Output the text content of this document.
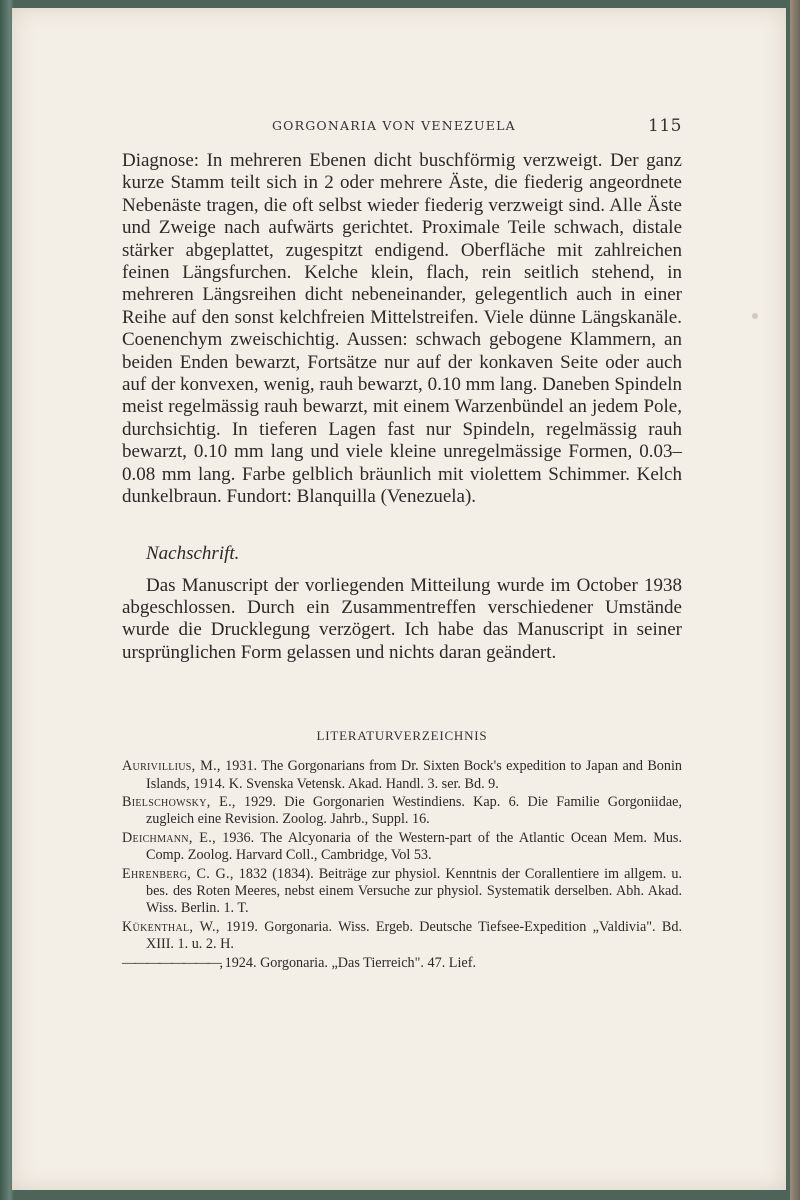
GORGONARIA VON VENEZUELA	115

Diagnose: In mehreren Ebenen dicht buschförmig verzweigt. Der ganz kurze Stamm teilt sich in 2 oder mehrere Äste, die fiederig angeordnete Nebenäste tragen, die oft selbst wieder fiederig verzweigt sind. Alle Äste und Zweige nach aufwärts gerichtet. Proximale Teile schwach, distale stärker abgeplattet, zugespitzt endigend. Oberfläche mit zahlreichen feinen Längsfurchen. Kelche klein, flach, rein seitlich stehend, in mehreren Längsreihen dicht nebeneinander, gelegentlich auch in einer Reihe auf den sonst kelchfreien Mittelstreifen. Viele dünne Längskanäle. Coenenchym zweischichtig. Aussen: schwach gebogene Klammern, an beiden Enden bewarzt, Fortsätze nur auf der konkaven Seite oder auch auf der konvexen, wenig, rauh bewarzt, 0.10 mm lang. Daneben Spindeln meist regelmässig rauh bewarzt, mit einem Warzenbündel an jedem Pole, durchsichtig. In tieferen Lagen fast nur Spindeln, regelmässig rauh bewarzt, 0.10 mm lang und viele kleine unregelmässige Formen, 0.03–0.08 mm lang. Farbe gelblich bräunlich mit violettem Schimmer. Kelch dunkelbraun. Fundort: Blanquilla (Venezuela).

Nachschrift.

Das Manuscript der vorliegenden Mitteilung wurde im October 1938 abgeschlossen. Durch ein Zusammentreffen verschiedener Umstände wurde die Drucklegung verzögert. Ich habe das Manuscript in seiner ursprünglichen Form gelassen und nichts daran geändert.

LITERATURVERZEICHNIS
Aurivillius, M., 1931. The Gorgonarians from Dr. Sixten Bock's expedition to Japan and Bonin Islands, 1914. K. Svenska Vetensk. Akad. Handl. 3. ser. Bd. 9.
Bielschowsky, E., 1929. Die Gorgonarien Westindiens. Kap. 6. Die Familie Gorgoniidae, zugleich eine Revision. Zoolog. Jahrb., Suppl. 16.
Deichmann, E., 1936. The Alcyonaria of the Western-part of the Atlantic Ocean Mem. Mus. Comp. Zoolog. Harvard Coll., Cambridge, Vol 53.
Ehrenberg, C. G., 1832 (1834). Beiträge zur physiol. Kenntnis der Corallentiere im allgem. u. bes. des Roten Meeres, nebst einem Versuche zur physiol. Systematik derselben. Abh. Akad. Wiss. Berlin. 1. T.
Kükenthal, W., 1919. Gorgonaria. Wiss. Ergeb. Deutsche Tiefsee-Expedition „Valdivia". Bd. XIII. 1. u. 2. H.
————————, 1924. Gorgonaria. „Das Tierreich". 47. Lief.
